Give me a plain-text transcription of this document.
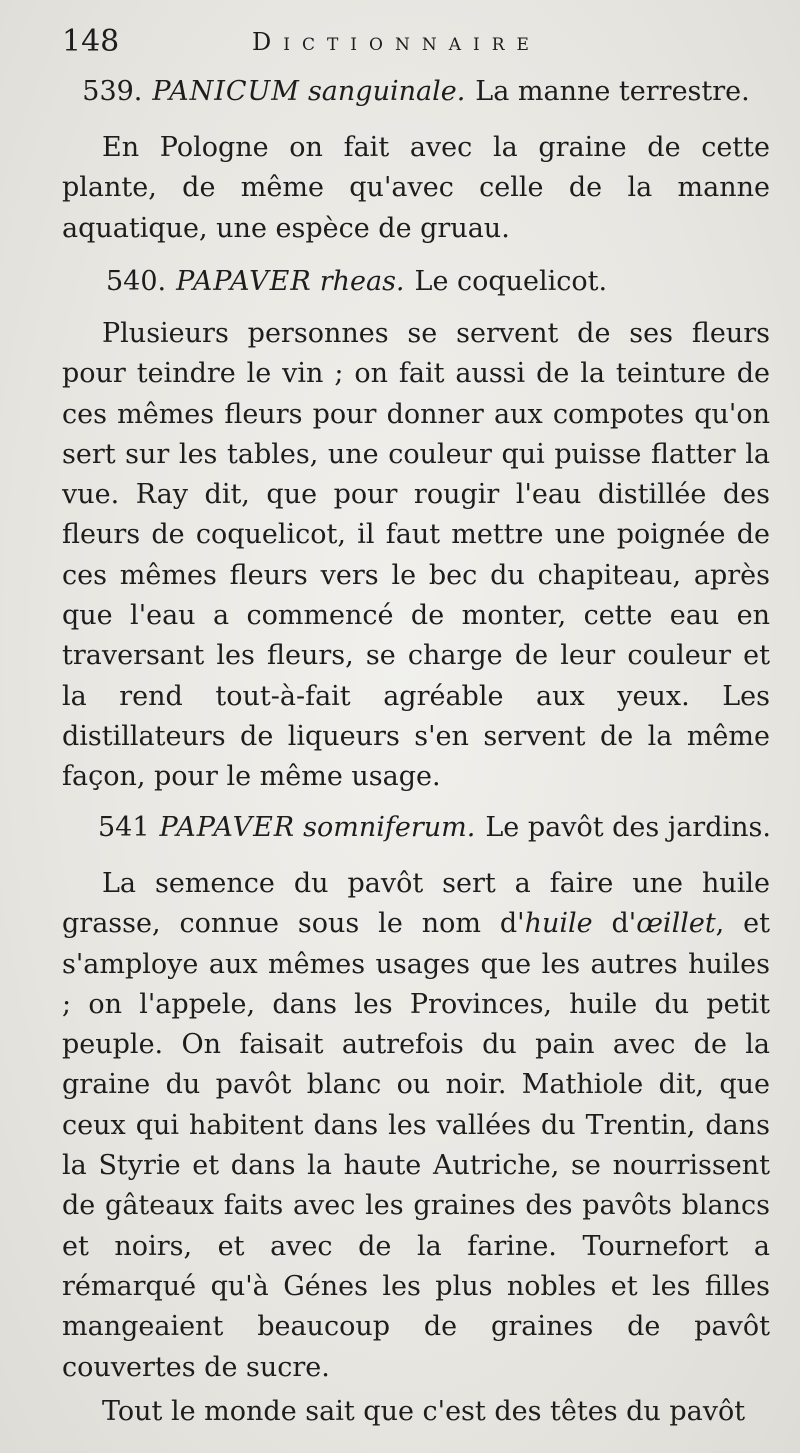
148	Dictionnaire
539. PANICUM sanguinale. La manne terrestre.

En Pologne on fait avec la graine de cette plante, de même qu'avec celle de la manne aquatique, une espèce de gruau.

540. PAPAVER rheas. Le coquelicot.

Plusieurs personnes se servent de ses fleurs pour teindre le vin ; on fait aussi de la teinture de ces mêmes fleurs pour donner aux compotes qu'on sert sur les tables, une couleur qui puisse flatter la vue. Ray dit, que pour rougir l'eau distillée des fleurs de coquelicot, il faut mettre une poignée de ces mêmes fleurs vers le bec du chapiteau, après que l'eau a commencé de monter, cette eau en traversant les fleurs, se charge de leur couleur et la rend tout-à-fait agréable aux yeux. Les distillateurs de liqueurs s'en servent de la même façon, pour le même usage.

541 PAPAVER somniferum. Le pavôt des jardins.

La semence du pavôt sert a faire une huile grasse, connue sous le nom d'huile d'œillet, et s'amploye aux mêmes usages que les autres huiles ; on l'appele, dans les Provinces, huile du petit peuple. On faisait autrefois du pain avec de la graine du pavôt blanc ou noir. Mathiole dit, que ceux qui habitent dans les vallées du Trentin, dans la Styrie et dans la haute Autriche, se nourrissent de gâteaux faits avec les graines des pavôts blancs et noirs, et avec de la farine. Tournefort a rémarqué qu'à Génes les plus nobles et les filles mangeaient beaucoup de graines de pavôt couvertes de sucre.

Tout le monde sait que c'est des têtes du pavôt
